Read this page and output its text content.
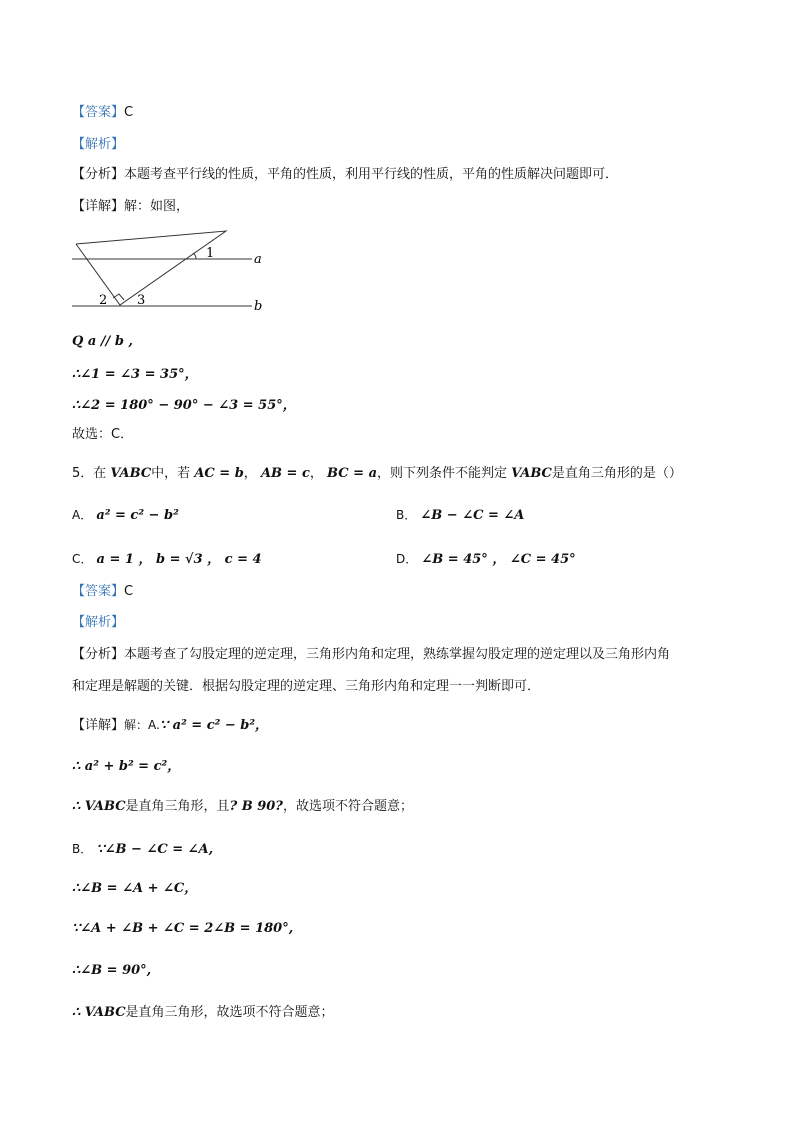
【答案】C
【解析】
【分析】本题考查平行线的性质，平角的性质，利用平行线的性质，平角的性质解决问题即可．
【详解】解：如图，
1
2 3
a
b
Q a // b ,
∴∠1 = ∠3 = 35°，
∴∠2 = 180° − 90° − ∠3 = 55°，
故选：C．
5．在 VABC中，若 AC = b， AB = c， BC = a，则下列条件不能判定 VABC是直角三角形的是（）
A． a² = c² − b²	B． ∠B − ∠C = ∠A
C． a = 1 ， b = √3 ， c = 4	D． ∠B = 45° ， ∠C = 45°
【答案】C
【解析】
【分析】本题考查了勾股定理的逆定理，三角形内角和定理，熟练掌握勾股定理的逆定理以及三角形内角
和定理是解题的关键．根据勾股定理的逆定理、三角形内角和定理一一判断即可．
【详解】解：A.∵ a² = c² − b²，
∴ a² + b² = c²，
∴ VABC是直角三角形，且? B 90?，故选项不符合题意；
B． ∵∠B − ∠C = ∠A,
∴∠B = ∠A + ∠C，
∵∠A + ∠B + ∠C = 2∠B = 180°,
∴∠B = 90°,
∴ VABC是直角三角形，故选项不符合题意；
